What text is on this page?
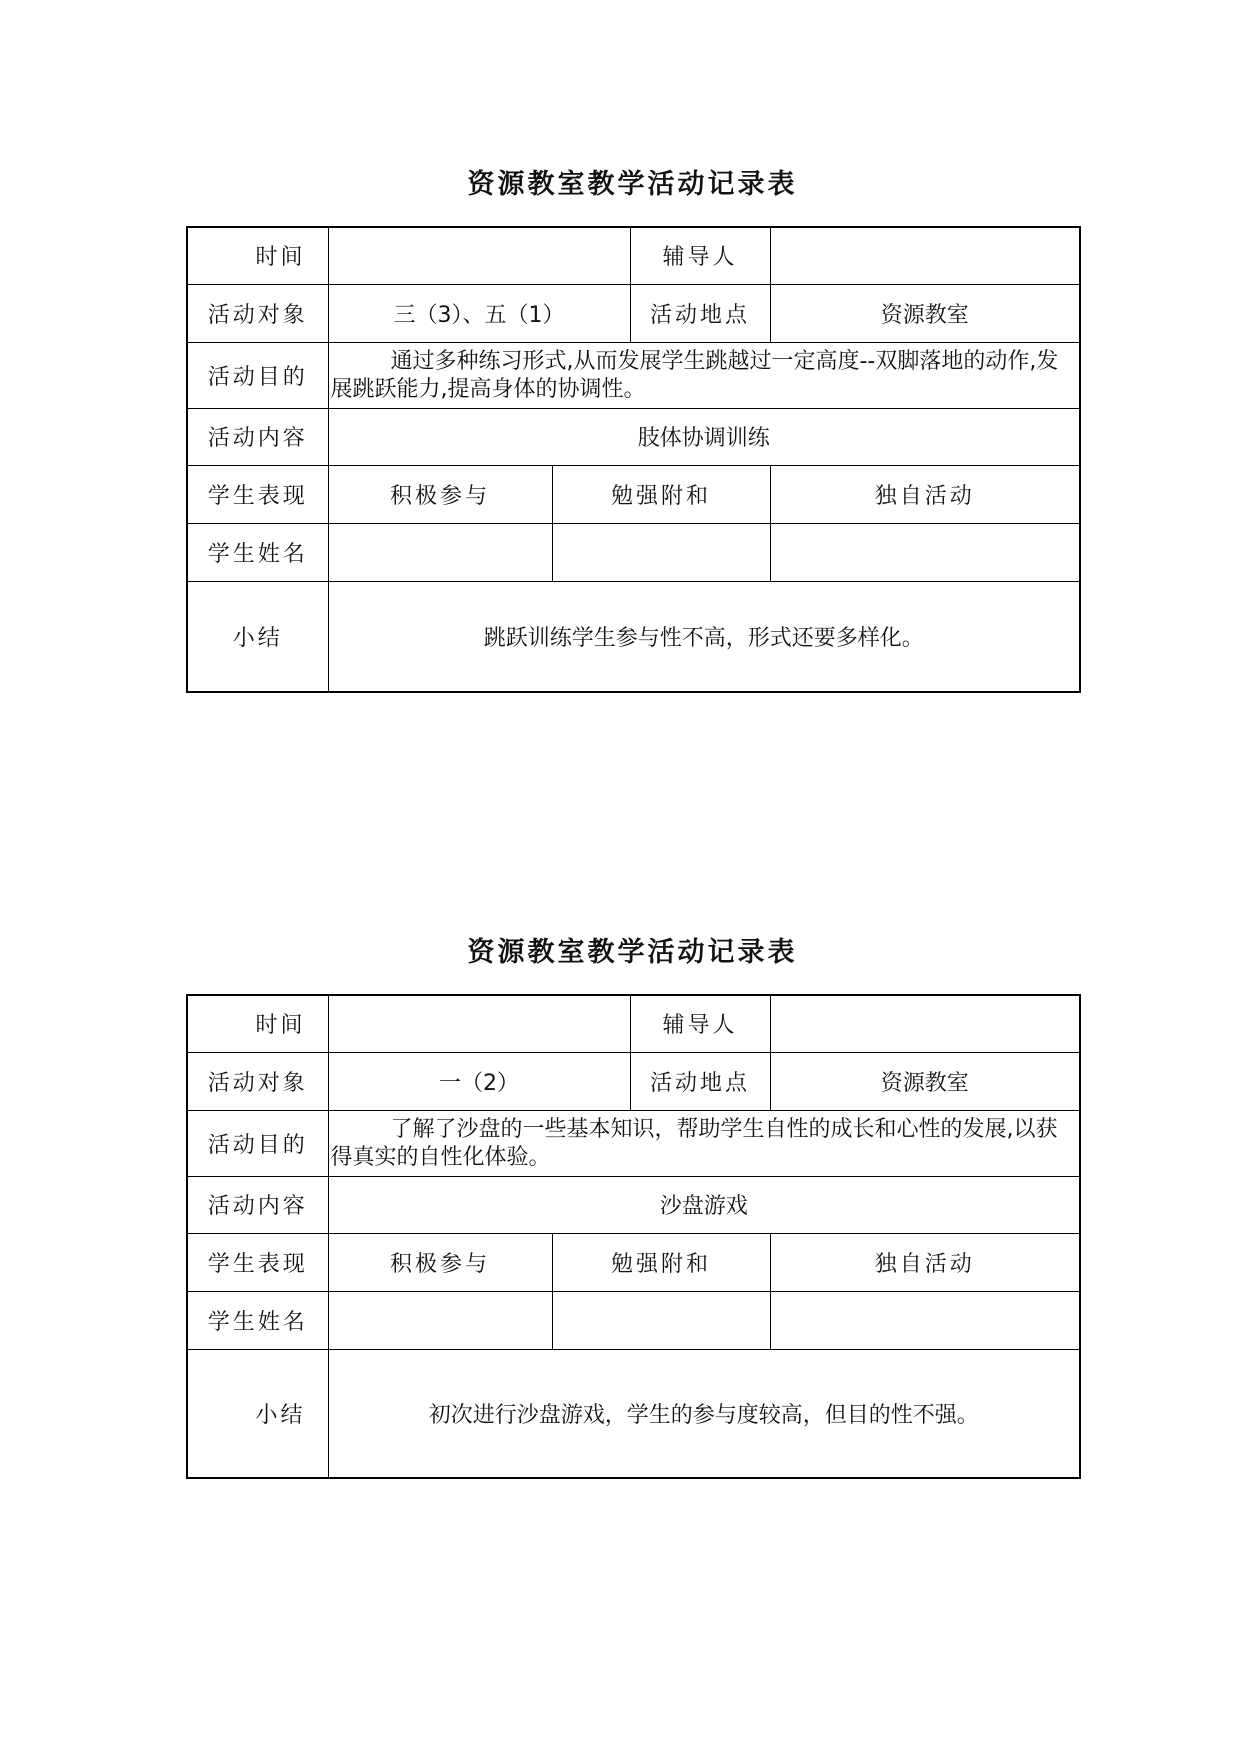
资源教室教学活动记录表
时间			辅导人	
活动对象	三（3）、五（1）		活动地点	资源教室
活动目的	通过多种练习形式,从而发展学生跳越过一定高度--双脚落地的动作,发展跳跃能力,提高身体的协调性。			
活动内容	肢体协调训练			
学生表现	积极参与	勉强附和		独自活动
学生姓名				
小结	跳跃训练学生参与性不高，形式还要多样化。			
资源教室教学活动记录表
时间			辅导人	
活动对象	一（2）		活动地点	资源教室
活动目的	了解了沙盘的一些基本知识，帮助学生自性的成长和心性的发展,以获得真实的自性化体验。			
活动内容	沙盘游戏			
学生表现	积极参与	勉强附和		独自活动
学生姓名				
小结	初次进行沙盘游戏，学生的参与度较高，但目的性不强。			
